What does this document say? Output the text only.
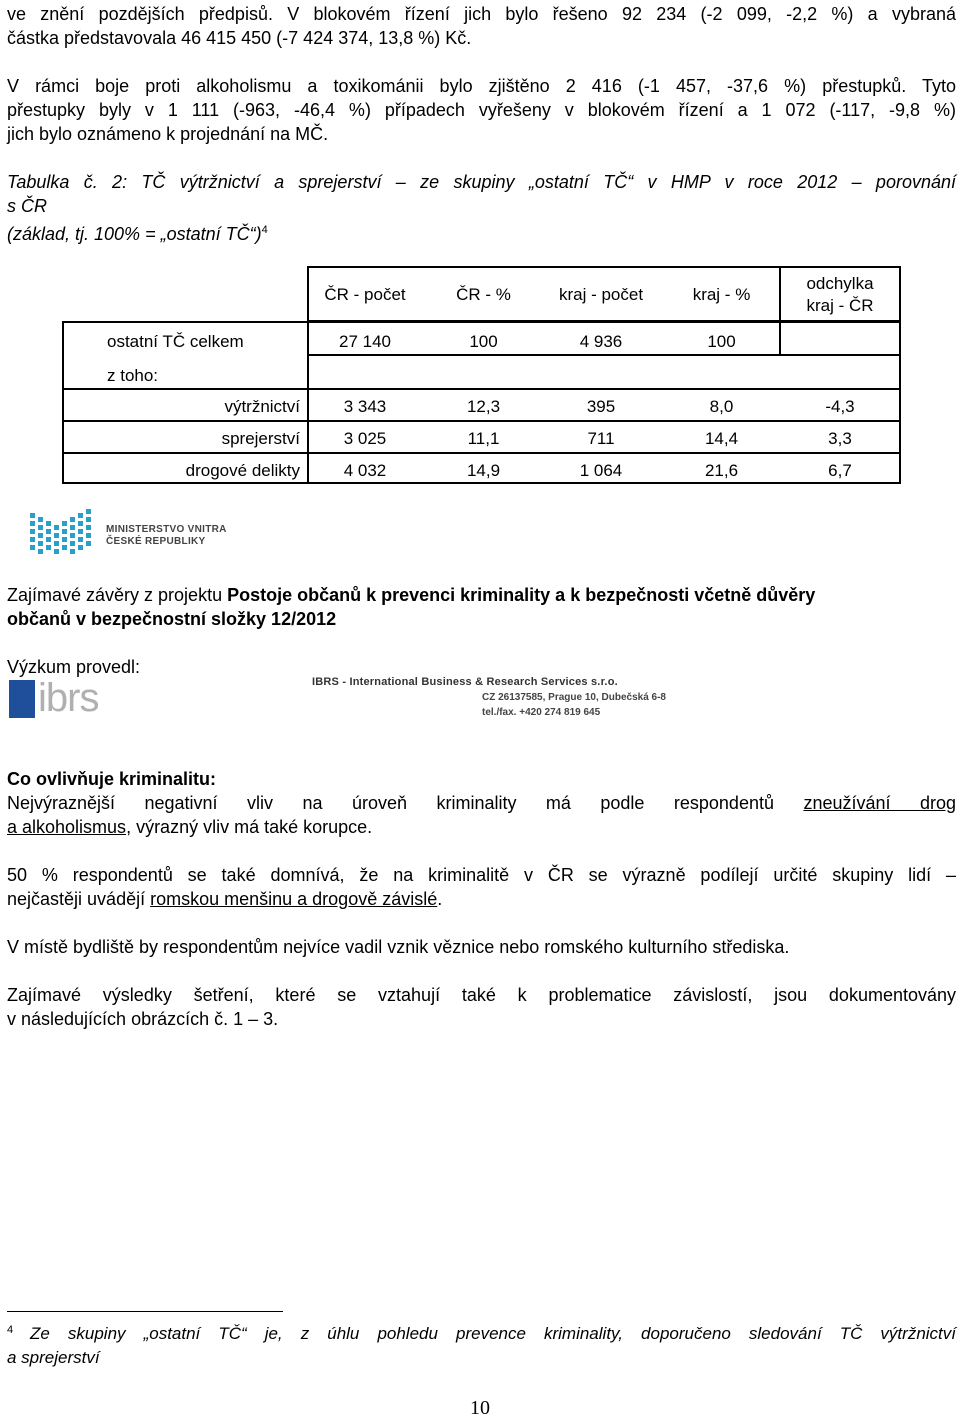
ve znění pozdějších předpisů. V blokovém řízení jich bylo řešeno 92 234 (-2 099, -2,2 %) a vybraná
částka představovala 46 415 450 (-7 424 374, 13,8 %) Kč.
V rámci boje proti alkoholismu a toxikománii bylo zjištěno 2 416 (-1 457, -37,6 %) přestupků. Tyto
přestupky byly v 1 111 (-963, -46,4 %) případech vyřešeny v blokovém řízení a 1 072 (-117, -9,8 %)
jich bylo oznámeno k projednání na MČ.
Tabulka č. 2: TČ výtržnictví a sprejerství – ze skupiny „ostatní TČ“ v HMP v roce 2012 – porovnání
s ČR
(základ, tj. 100% = „ostatní TČ“)$^4$
ČR - počet	ČR - %	kraj - počet	kraj - %
odchylka
kraj - ČR
ostatní TČ celkem	27 140	100	4 936	100
z toho:
výtržnictví	3 343	12,3	395	8,0	-4,3
sprejerství	3 025	11,1	711	14,4	3,3
drogové delikty	4 032	14,9	1 064	21,6	6,7
MINISTERSTVO VNITRA
ČESKÉ REPUBLIKY
Zajímavé závěry z projektu Postoje občanů k prevenci kriminality a k bezpečnosti včetně důvěry
občanů v bezpečnostní složky 12/2012
Výzkum provedl:
ibrs	IBRS - International Business & Research Services s.r.o.
CZ 26137585, Prague 10, Dubečská 6-8
tel./fax. +420 274 819 645
Co ovlivňuje kriminalitu:
Nejvýraznější negativní vliv na úroveň kriminality má podle respondentů zneužívání drog
a alkoholismus, výrazný vliv má také korupce.
50 % respondentů se také domnívá, že na kriminalitě v ČR se výrazně podílejí určité skupiny lidí –
nejčastěji uvádějí romskou menšinu a drogově závislé.
V místě bydliště by respondentům nejvíce vadil vznik věznice nebo romského kulturního střediska.
Zajímavé výsledky šetření, které se vztahují také k problematice závislostí, jsou dokumentovány
v následujících obrázcích č. 1 – 3.
4 Ze skupiny „ostatní TČ“ je, z úhlu pohledu prevence kriminality, doporučeno sledování TČ výtržnictví
a sprejerství
10
